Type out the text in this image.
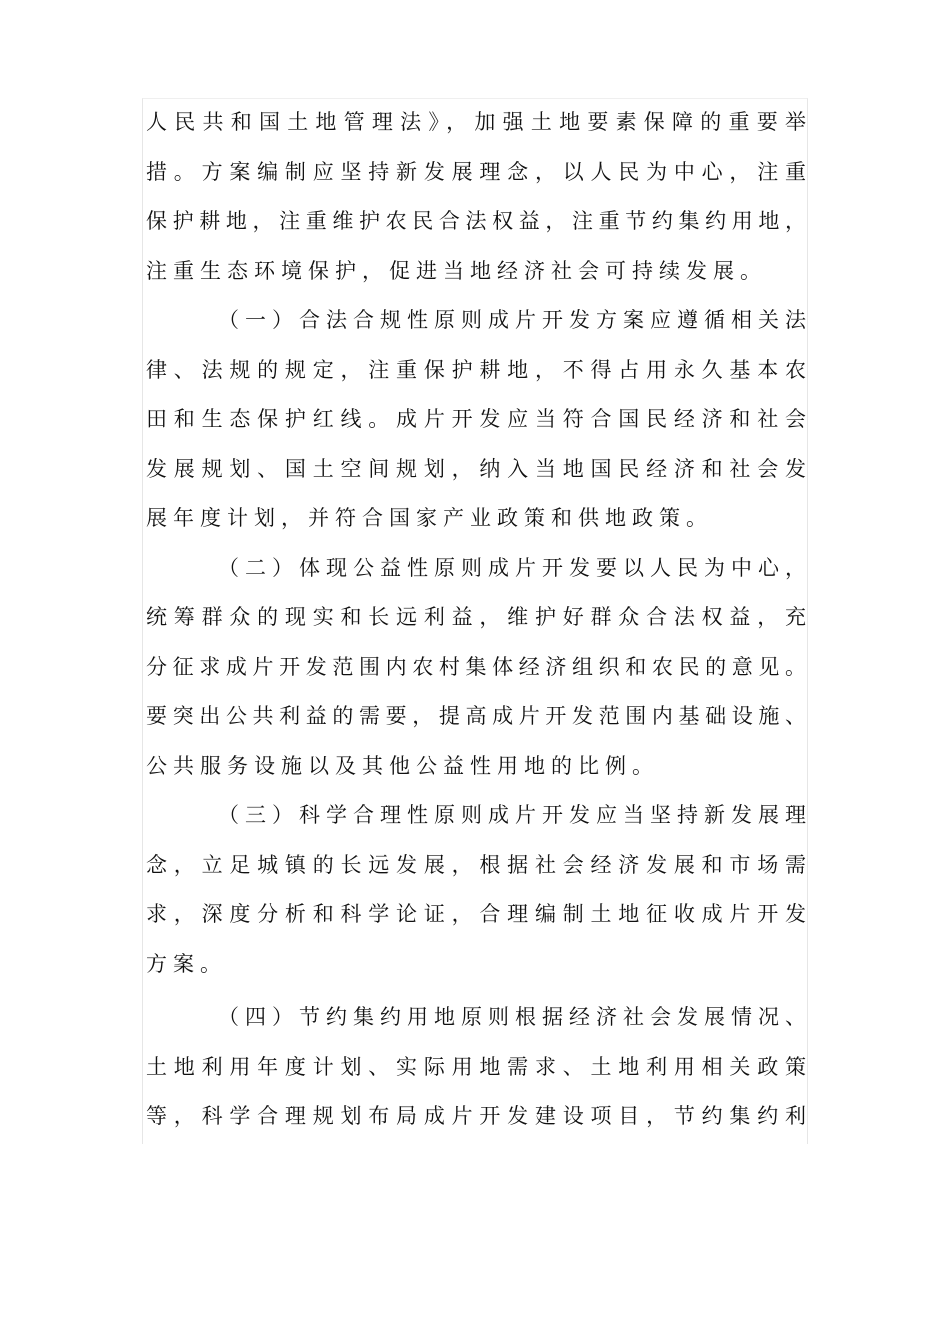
人民共和国土地管理法》，加强土地要素保障的重要举
措。方案编制应坚持新发展理念，以人民为中心，注重
保护耕地，注重维护农民合法权益，注重节约集约用地，
注重生态环境保护，促进当地经济社会可持续发展。
（一）合法合规性原则成片开发方案应遵循相关法
律、法规的规定，注重保护耕地，不得占用永久基本农
田和生态保护红线。成片开发应当符合国民经济和社会
发展规划、国土空间规划，纳入当地国民经济和社会发
展年度计划，并符合国家产业政策和供地政策。
（二）体现公益性原则成片开发要以人民为中心，
统筹群众的现实和长远利益，维护好群众合法权益，充
分征求成片开发范围内农村集体经济组织和农民的意见。
要突出公共利益的需要，提高成片开发范围内基础设施、
公共服务设施以及其他公益性用地的比例。
（三）科学合理性原则成片开发应当坚持新发展理
念，立足城镇的长远发展，根据社会经济发展和市场需
求，深度分析和科学论证，合理编制土地征收成片开发
方案。
（四）节约集约用地原则根据经济社会发展情况、
土地利用年度计划、实际用地需求、土地利用相关政策
等，科学合理规划布局成片开发建设项目，节约集约利
